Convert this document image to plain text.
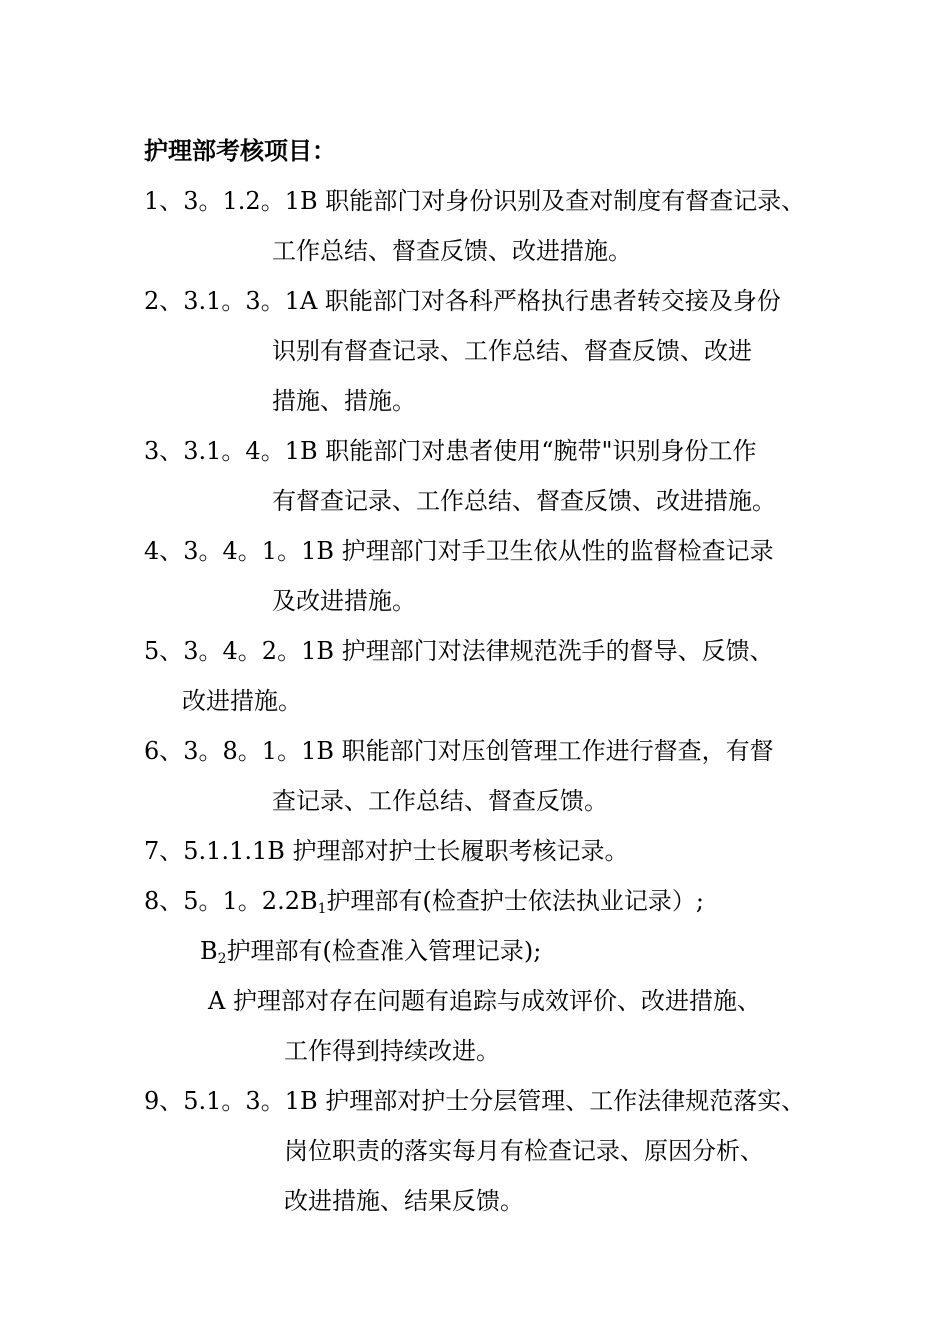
护理部考核项目：
1、3。1.2。1B 职能部门对身份识别及查对制度有督查记录、
工作总结、督查反馈、改进措施。
2、3.1。3。1A 职能部门对各科严格执行患者转交接及身份
识别有督查记录、工作总结、督查反馈、改进
措施、措施。
3、3.1。4。1B 职能部门对患者使用“腕带"识别身份工作
有督查记录、工作总结、督查反馈、改进措施。
4、3。4。1。1B 护理部门对手卫生依从性的监督检查记录
及改进措施。
5、3。4。2。1B 护理部门对法律规范洗手的督导、反馈、
改进措施。
6、3。8。1。1B 职能部门对压创管理工作进行督查，有督
查记录、工作总结、督查反馈。
7、5.1.1.1B 护理部对护士长履职考核记录。
8、5。1。$2.2B_1$护理部有(检查护士依法执业记录）;
$B_2$护理部有(检查准入管理记录);
A 护理部对存在问题有追踪与成效评价、改进措施、
工作得到持续改进。
9、5.1。3。1B 护理部对护士分层管理、工作法律规范落实、
岗位职责的落实每月有检查记录、原因分析、
改进措施、结果反馈。
